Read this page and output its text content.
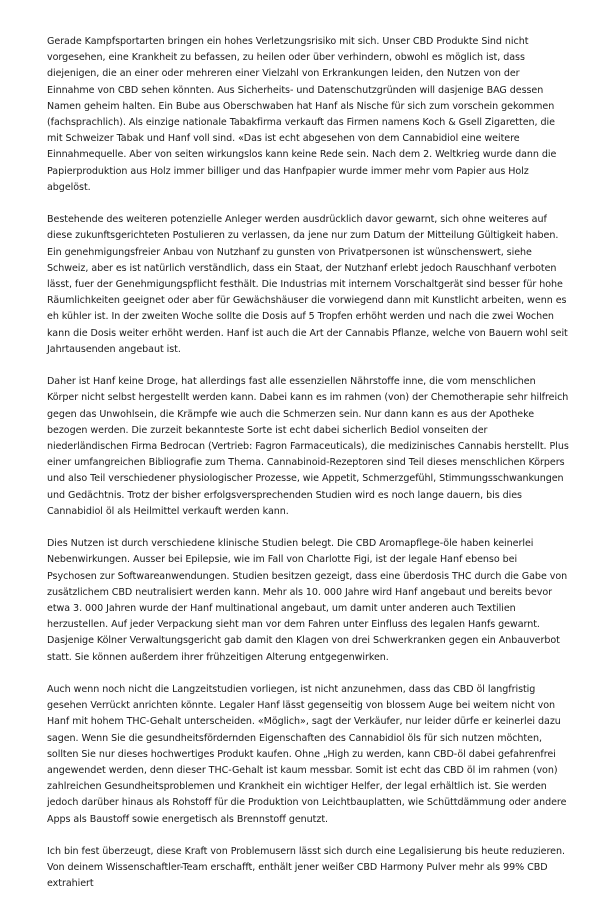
Gerade Kampfsportarten bringen ein hohes Verletzungsrisiko mit sich. Unser CBD Produkte Sind nicht vorgesehen, eine Krankheit zu befassen, zu heilen oder über verhindern, obwohl es möglich ist, dass diejenigen, die an einer oder mehreren einer Vielzahl von Erkrankungen leiden, den Nutzen von der Einnahme von CBD sehen könnten. Aus Sicherheits- und Datenschutzgründen will dasjenige BAG dessen Namen geheim halten. Ein Bube aus Oberschwaben hat Hanf als Nische für sich zum vorschein gekommen (fachsprachlich). Als einzige nationale Tabakfirma verkauft das Firmen namens Koch & Gsell Zigaretten, die mit Schweizer Tabak und Hanf voll sind. «Das ist echt abgesehen von dem Cannabidiol eine weitere Einnahmequelle. Aber von seiten wirkungslos kann keine Rede sein. Nach dem 2. Weltkrieg wurde dann die Papierproduktion aus Holz immer billiger und das Hanfpapier wurde immer mehr vom Papier aus Holz abgelöst.

Bestehende des weiteren potenzielle Anleger werden ausdrücklich davor gewarnt, sich ohne weiteres auf diese zukunftsgerichteten Postulieren zu verlassen, da jene nur zum Datum der Mitteilung Gültigkeit haben. Ein genehmigungsfreier Anbau von Nutzhanf zu gunsten von Privatpersonen ist wünschenswert, siehe Schweiz, aber es ist natürlich verständlich, dass ein Staat, der Nutzhanf erlebt jedoch Rauschhanf verboten lässt, fuer der Genehmigungspflicht festhält. Die Industrias mit internem Vorschaltgerät sind besser für hohe Räumlichkeiten geeignet oder aber für Gewächshäuser die vorwiegend dann mit Kunstlicht arbeiten, wenn es eh kühler ist. In der zweiten Woche sollte die Dosis auf 5 Tropfen erhöht werden und nach die zwei Wochen kann die Dosis weiter erhöht werden. Hanf ist auch die Art der Cannabis Pflanze, welche von Bauern wohl seit Jahrtausenden angebaut ist.

Daher ist Hanf keine Droge, hat allerdings fast alle essenziellen Nährstoffe inne, die vom menschlichen Körper nicht selbst hergestellt werden kann. Dabei kann es im rahmen (von) der Chemotherapie sehr hilfreich gegen das Unwohlsein, die Krämpfe wie auch die Schmerzen sein. Nur dann kann es aus der Apotheke bezogen werden. Die zurzeit bekannteste Sorte ist echt dabei sicherlich Bediol vonseiten der niederländischen Firma Bedrocan (Vertrieb: Fagron Farmaceuticals), die medizinisches Cannabis herstellt. Plus einer umfangreichen Bibliografie zum Thema. Cannabinoid-Rezeptoren sind Teil dieses menschlichen Körpers und also Teil verschiedener physiologischer Prozesse, wie Appetit, Schmerzgefühl, Stimmungsschwankungen und Gedächtnis. Trotz der bisher erfolgsversprechenden Studien wird es noch lange dauern, bis dies Cannabidiol öl als Heilmittel verkauft werden kann.

Dies Nutzen ist durch verschiedene klinische Studien belegt. Die CBD Aromapflege-öle haben keinerlei Nebenwirkungen. Ausser bei Epilepsie, wie im Fall von Charlotte Figi, ist der legale Hanf ebenso bei Psychosen zur Softwareanwendungen. Studien besitzen gezeigt, dass eine überdosis THC durch die Gabe von zusätzlichem CBD neutralisiert werden kann. Mehr als 10. 000 Jahre wird Hanf angebaut und bereits bevor etwa 3. 000 Jahren wurde der Hanf multinational angebaut, um damit unter anderen auch Textilien herzustellen. Auf jeder Verpackung sieht man vor dem Fahren unter Einfluss des legalen Hanfs gewarnt. Dasjenige Kölner Verwaltungsgericht gab damit den Klagen von drei Schwerkranken gegen ein Anbauverbot statt. Sie können außerdem ihrer frühzeitigen Alterung entgegenwirken.

Auch wenn noch nicht die Langzeitstudien vorliegen, ist nicht anzunehmen, dass das CBD öl langfristig gesehen Verrückt anrichten könnte. Legaler Hanf lässt gegenseitig von blossem Auge bei weitem nicht von Hanf mit hohem THC-Gehalt unterscheiden. «Möglich», sagt der Verkäufer, nur leider dürfe er keinerlei dazu sagen. Wenn Sie die gesundheitsfördernden Eigenschaften des Cannabidiol öls für sich nutzen möchten, sollten Sie nur dieses hochwertiges Produkt kaufen. Ohne „High zu werden, kann CBD-öl dabei gefahrenfrei angewendet werden, denn dieser THC-Gehalt ist kaum messbar. Somit ist echt das CBD öl im rahmen (von) zahlreichen Gesundheitsproblemen und Krankheit ein wichtiger Helfer, der legal erhältlich ist. Sie werden jedoch darüber hinaus als Rohstoff für die Produktion von Leichtbauplatten, wie Schüttdämmung oder andere Apps als Baustoff sowie energetisch als Brennstoff genutzt.

Ich bin fest überzeugt, diese Kraft von Problemusern lässt sich durch eine Legalisierung bis heute reduzieren. Von deinem Wissenschaftler-Team erschafft, enthält jener weißer CBD Harmony Pulver mehr als 99% CBD extrahiert
